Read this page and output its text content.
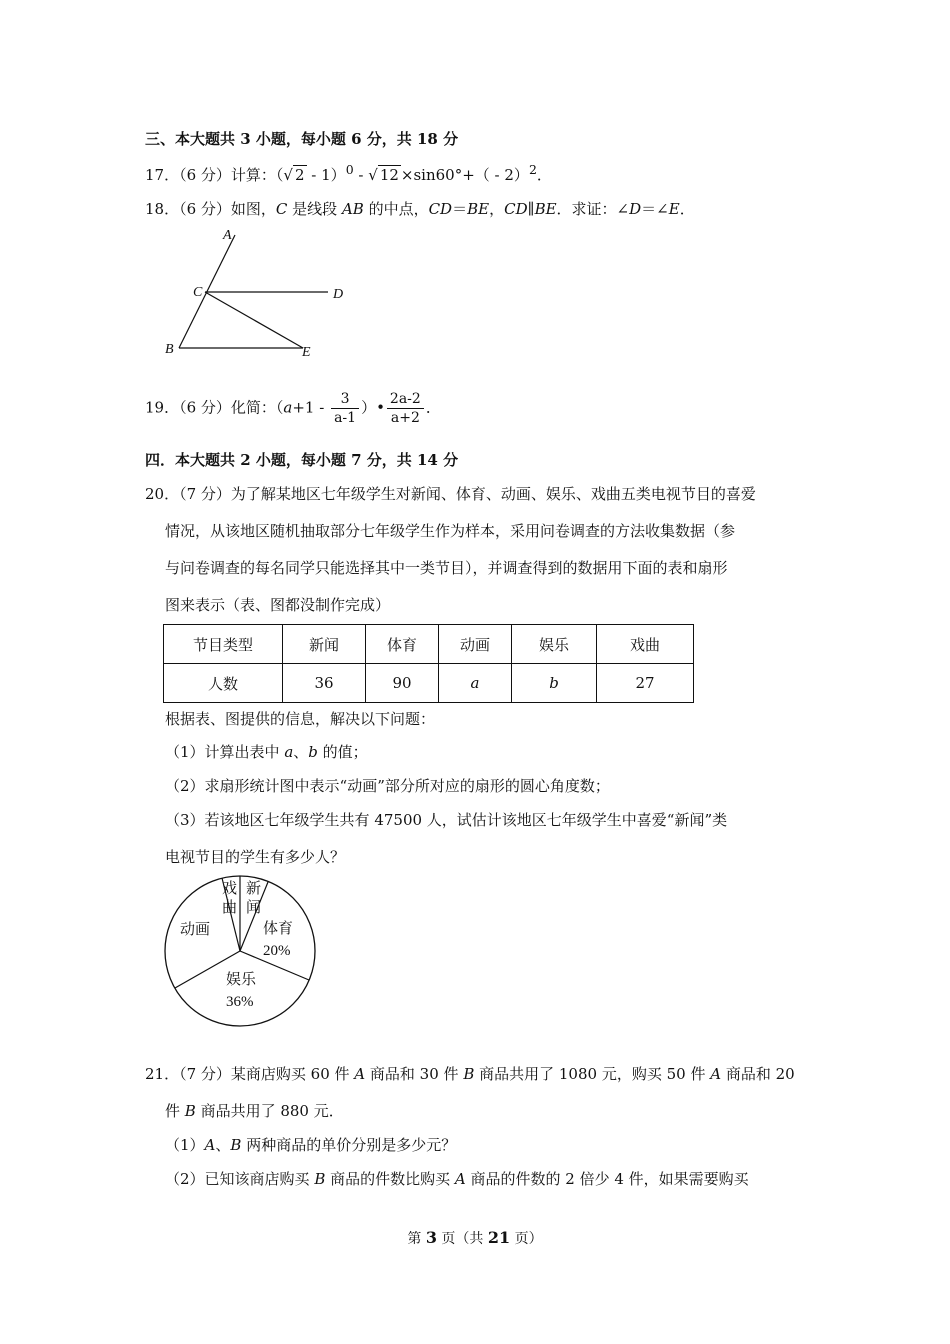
三、本大题共 3 小题，每小题 6 分，共 18 分
17．（6 分）计算：（√ 2 - 1）$^0$ - √ 12 ×sin60°+（ - 2）$^2$．
18．（6 分）如图，C 是线段 AB 的中点，CD＝BE，CD∥BE．求证：∠D＝∠E．
A
C	D
B	E
19．（6 分）化简：（$a+1 - \frac{3}{a-1}$ ）• $\frac{2a-2}{a+2}$ ．
四．本大题共 2 小题，每小题 7 分，共 14 分
20．（7 分）为了解某地区七年级学生对新闻、体育、动画、娱乐、戏曲五类电视节目的喜爱
情况，从该地区随机抽取部分七年级学生作为样本，采用问卷调查的方法收集数据（参
与问卷调查的每名同学只能选择其中一类节目），并调查得到的数据用下面的表和扇形
图来表示（表、图都没制作完成）
节目类型	新闻	体育	动画	娱乐	戏曲
人数	36	90	a	b	27
根据表、图提供的信息，解决以下问题：
（1）计算出表中 a、b 的值；
（2）求扇形统计图中表示“动画”部分所对应的扇形的圆心角度数；
（3）若该地区七年级学生共有 47500 人，试估计该地区七年级学生中喜爱“新闻”类
电视节目的学生有多少人？
戏
曲
新
闻
动画	体育
20%
娱乐
36%
21．（7 分）某商店购买 60 件 A 商品和 30 件 B 商品共用了 1080 元，购买 50 件 A 商品和 20
件 B 商品共用了 880 元．
（1）A、B 两种商品的单价分别是多少元？
（2）已知该商店购买 B 商品的件数比购买 A 商品的件数的 2 倍少 4 件，如果需要购买
第 3 页（共 21 页）
